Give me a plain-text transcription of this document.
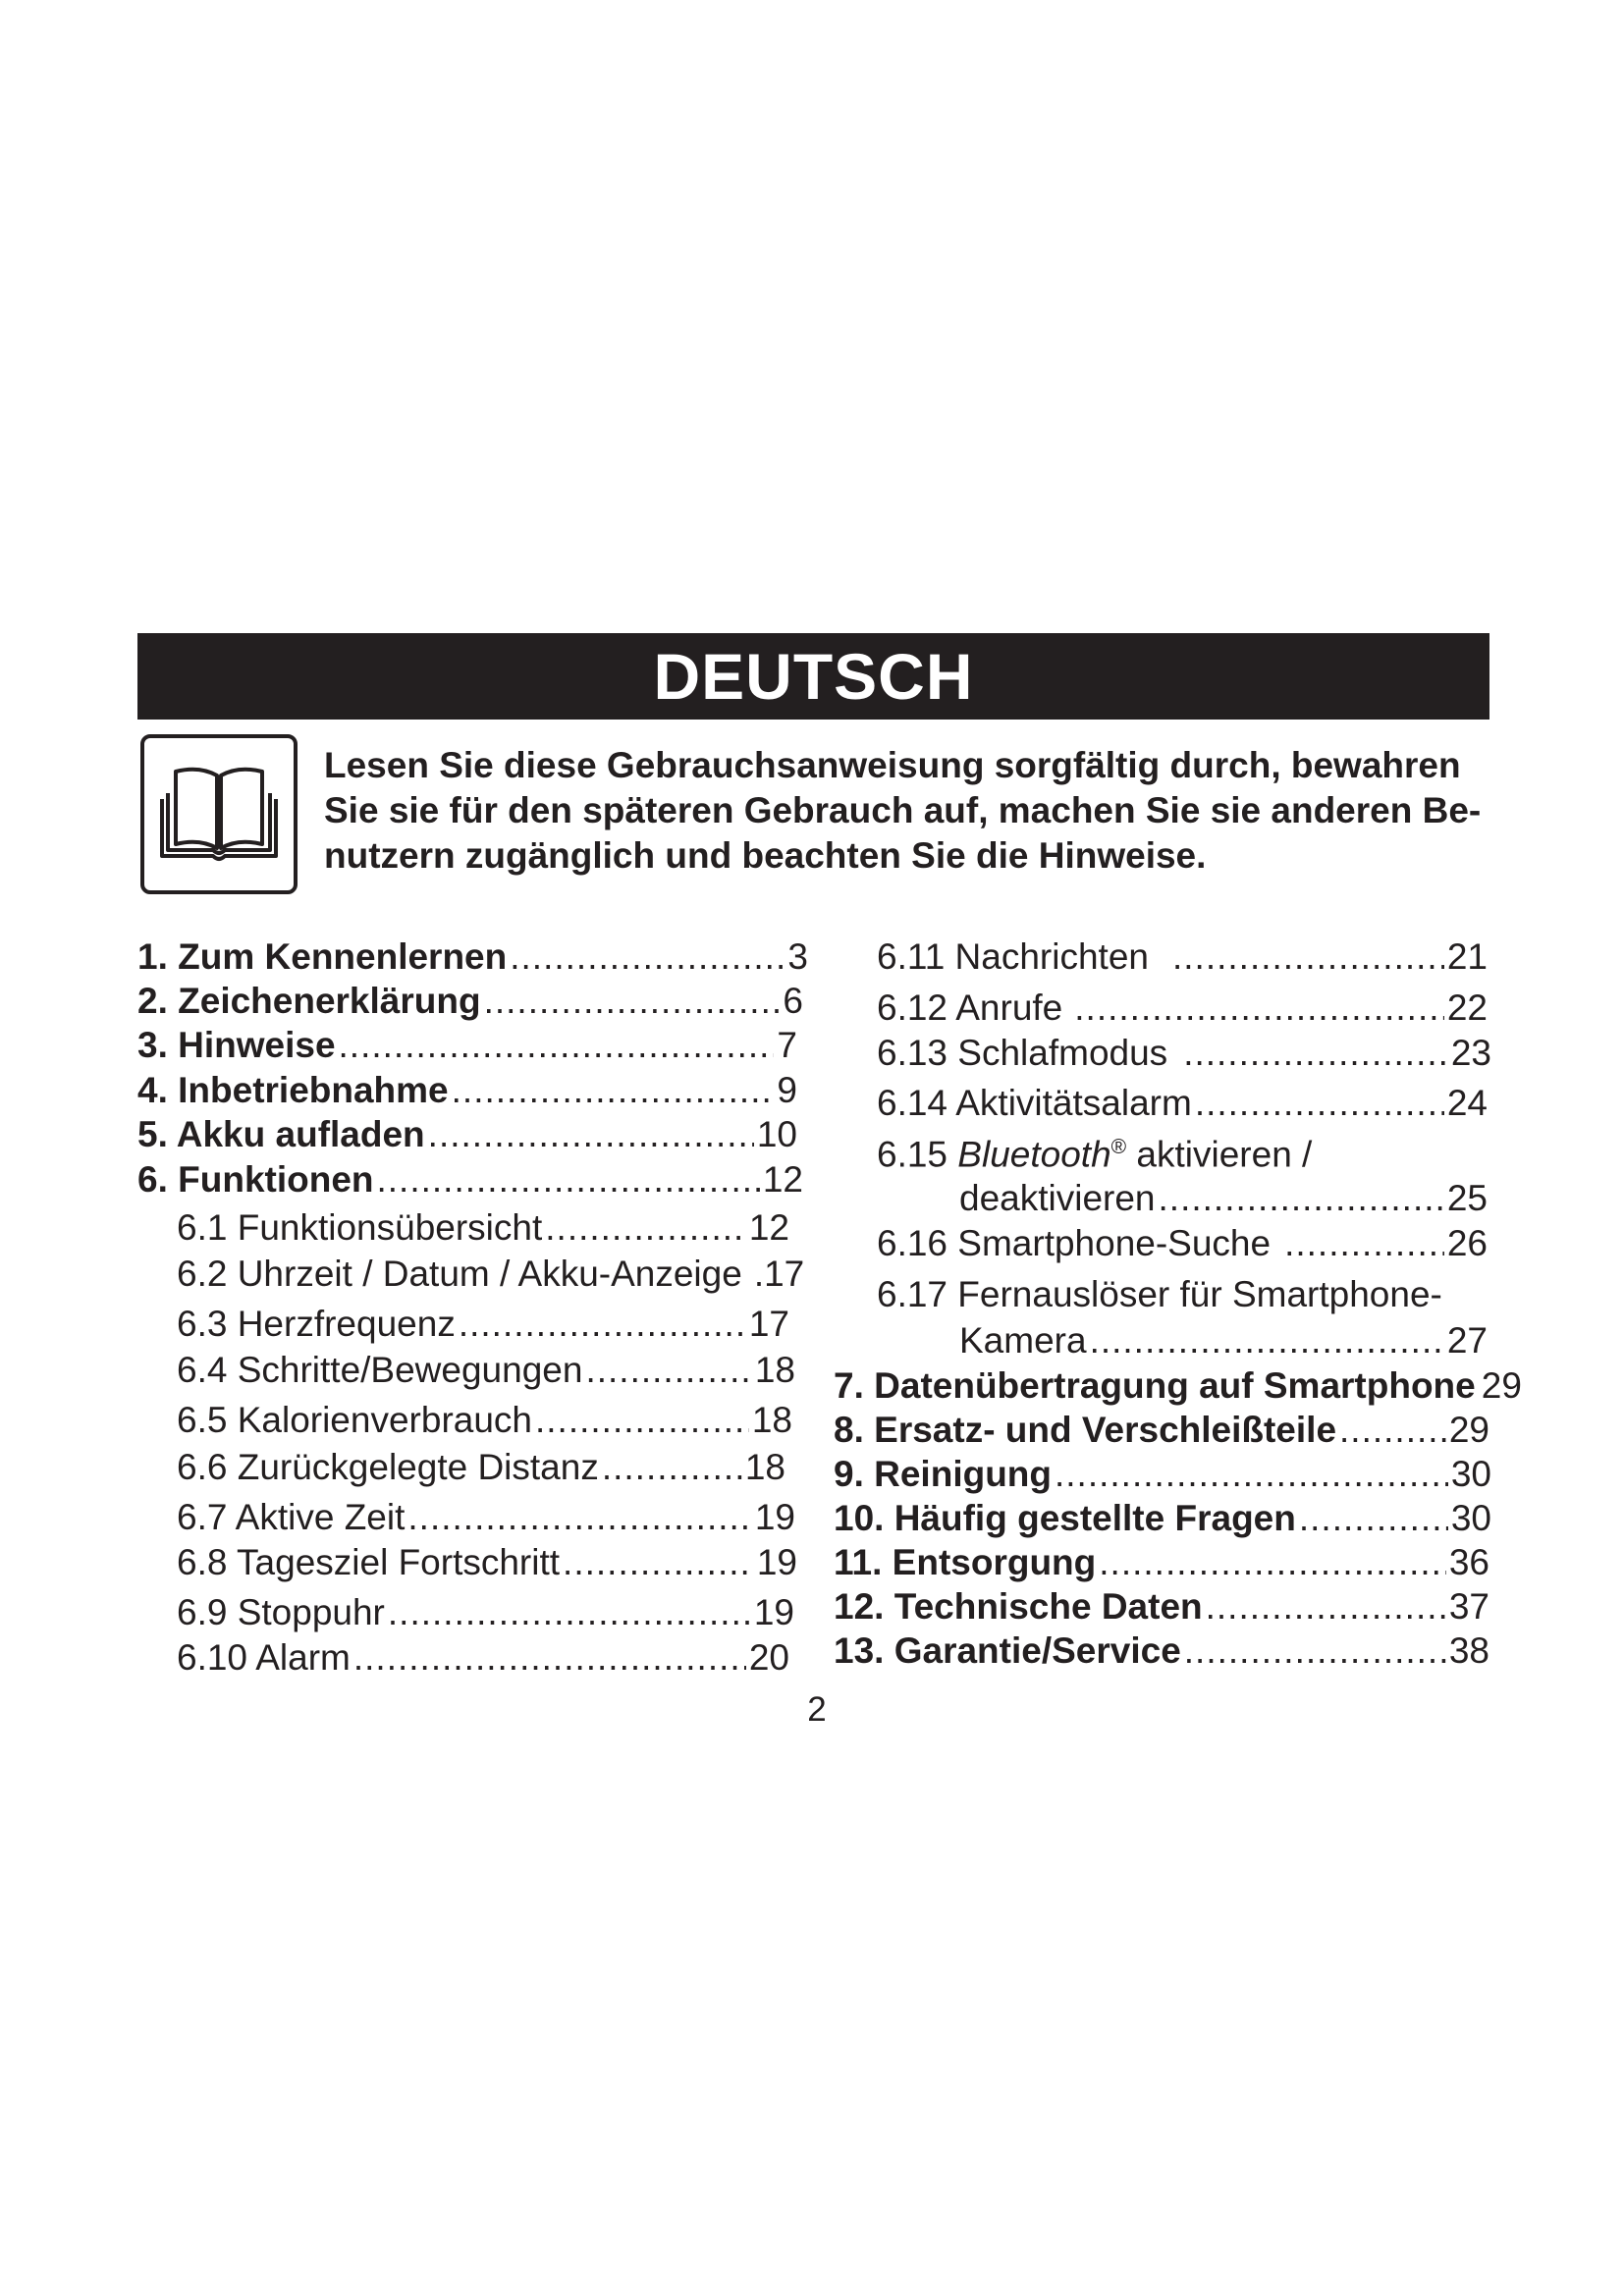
DEUTSCH
Lesen Sie diese Gebrauchsanweisung sorgfältig durch, bewahren
Sie sie für den späteren Gebrauch auf, machen Sie sie anderen Be-
nutzern zugänglich und beachten Sie die Hinweise.
1. Zum Kennenlernen .....	3
2. Zeichenerklärung .....	6
3. Hinweise .....	7
4. Inbetriebnahme .....	9
5. Akku aufladen .....	10
6. Funktionen .....	12
6.1 Funktionsübersicht .....	12
6.2 Uhrzeit / Datum / Akku-Anzeige .17
6.3 Herzfrequenz .....	17
6.4 Schritte/Bewegungen .....	18
6.5 Kalorienverbrauch .....	18
6.6 Zurückgelegte Distanz .....	18
6.7 Aktive Zeit .....	19
6.8 Tagesziel Fortschritt .....	19
6.9 Stoppuhr .....	19
6.10 Alarm .....	20
6.11 Nachrichten .....	21
6.12 Anrufe .....	22
6.13 Schlafmodus .....	23
6.14 Aktivitätsalarm .....	24
6.15 Bluetooth® aktivieren /
deaktivieren .....	25
6.16 Smartphone-Suche .....	26
6.17 Fernauslöser für Smartphone-
Kamera .....	27
7. Datenübertragung auf Smartphone 29
8. Ersatz- und Verschleißteile .....	29
9. Reinigung .....	30
10. Häufig gestellte Fragen .....	30
11. Entsorgung .....	36
12. Technische Daten .....	37
13. Garantie/Service .....	38
2
